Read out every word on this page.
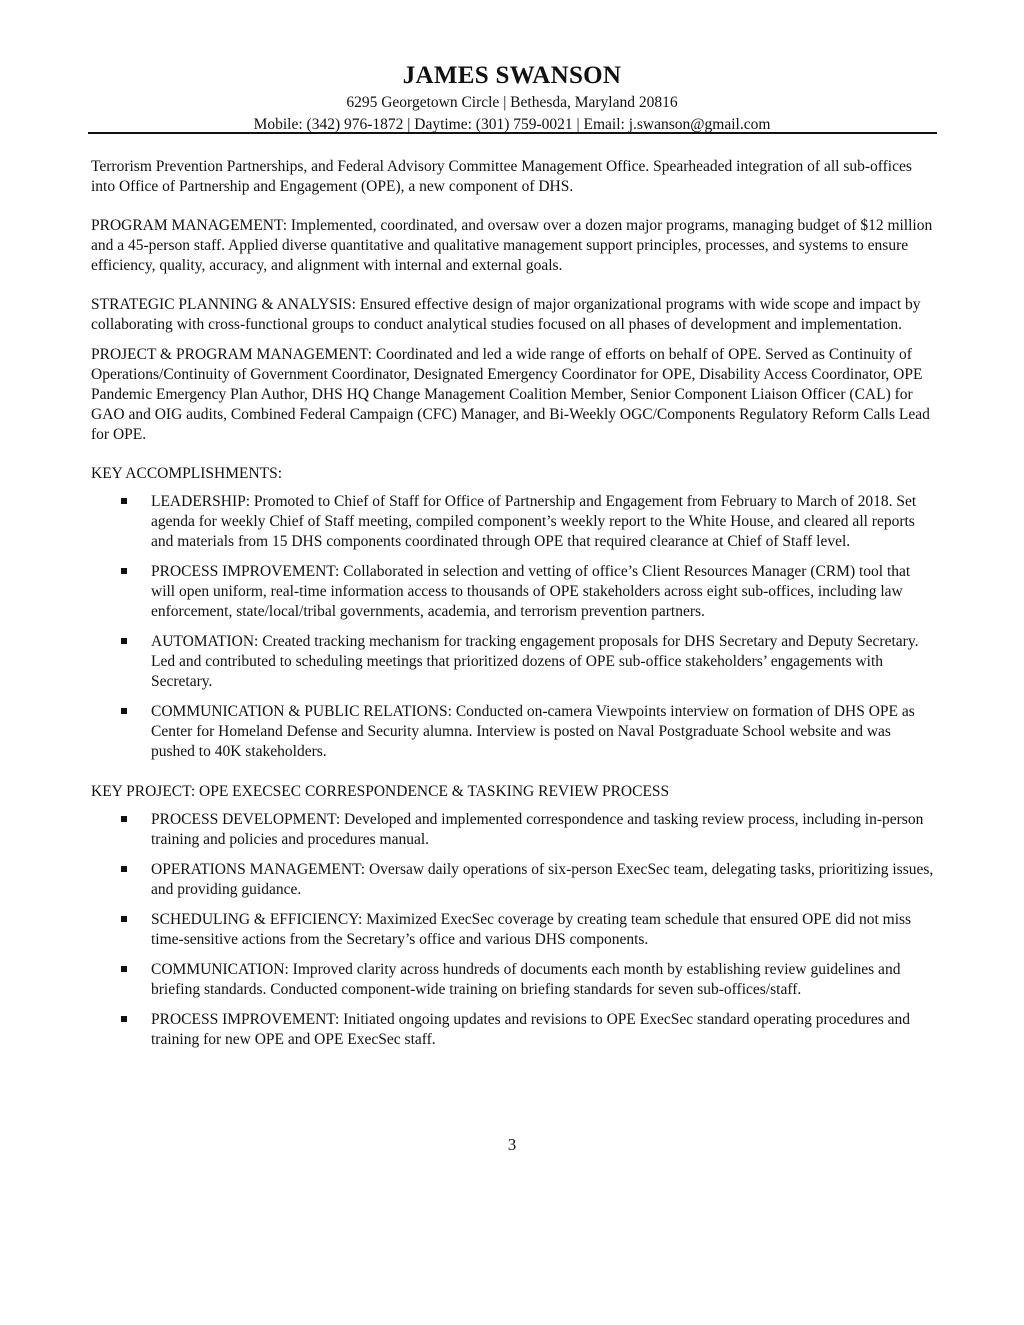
JAMES SWANSON
6295 Georgetown Circle | Bethesda, Maryland 20816
Mobile: (342) 976-1872 | Daytime: (301) 759-0021 | Email: j.swanson@gmail.com

Terrorism Prevention Partnerships, and Federal Advisory Committee Management Office. Spearheaded integration of all sub-offices into Office of Partnership and Engagement (OPE), a new component of DHS.

PROGRAM MANAGEMENT: Implemented, coordinated, and oversaw over a dozen major programs, managing budget of $12 million and a 45-person staff. Applied diverse quantitative and qualitative management support principles, processes, and systems to ensure efficiency, quality, accuracy, and alignment with internal and external goals.

STRATEGIC PLANNING & ANALYSIS: Ensured effective design of major organizational programs with wide scope and impact by collaborating with cross-functional groups to conduct analytical studies focused on all phases of development and implementation.

PROJECT & PROGRAM MANAGEMENT: Coordinated and led a wide range of efforts on behalf of OPE. Served as Continuity of Operations/Continuity of Government Coordinator, Designated Emergency Coordinator for OPE, Disability Access Coordinator, OPE Pandemic Emergency Plan Author, DHS HQ Change Management Coalition Member, Senior Component Liaison Officer (CAL) for GAO and OIG audits, Combined Federal Campaign (CFC) Manager, and Bi-Weekly OGC/Components Regulatory Reform Calls Lead for OPE.

KEY ACCOMPLISHMENTS:

LEADERSHIP: Promoted to Chief of Staff for Office of Partnership and Engagement from February to March of 2018. Set agenda for weekly Chief of Staff meeting, compiled component’s weekly report to the White House, and cleared all reports and materials from 15 DHS components coordinated through OPE that required clearance at Chief of Staff level.
PROCESS IMPROVEMENT: Collaborated in selection and vetting of office’s Client Resources Manager (CRM) tool that will open uniform, real-time information access to thousands of OPE stakeholders across eight sub-offices, including law enforcement, state/local/tribal governments, academia, and terrorism prevention partners.
AUTOMATION: Created tracking mechanism for tracking engagement proposals for DHS Secretary and Deputy Secretary. Led and contributed to scheduling meetings that prioritized dozens of OPE sub-office stakeholders’ engagements with Secretary.
COMMUNICATION & PUBLIC RELATIONS: Conducted on-camera Viewpoints interview on formation of DHS OPE as Center for Homeland Defense and Security alumna. Interview is posted on Naval Postgraduate School website and was pushed to 40K stakeholders.

KEY PROJECT: OPE EXECSEC CORRESPONDENCE & TASKING REVIEW PROCESS

PROCESS DEVELOPMENT: Developed and implemented correspondence and tasking review process, including in-person training and policies and procedures manual.
OPERATIONS MANAGEMENT: Oversaw daily operations of six-person ExecSec team, delegating tasks, prioritizing issues, and providing guidance.
SCHEDULING & EFFICIENCY: Maximized ExecSec coverage by creating team schedule that ensured OPE did not miss time-sensitive actions from the Secretary’s office and various DHS components.
COMMUNICATION: Improved clarity across hundreds of documents each month by establishing review guidelines and briefing standards. Conducted component-wide training on briefing standards for seven sub-offices/staff.
PROCESS IMPROVEMENT: Initiated ongoing updates and revisions to OPE ExecSec standard operating procedures and training for new OPE and OPE ExecSec staff.
3
